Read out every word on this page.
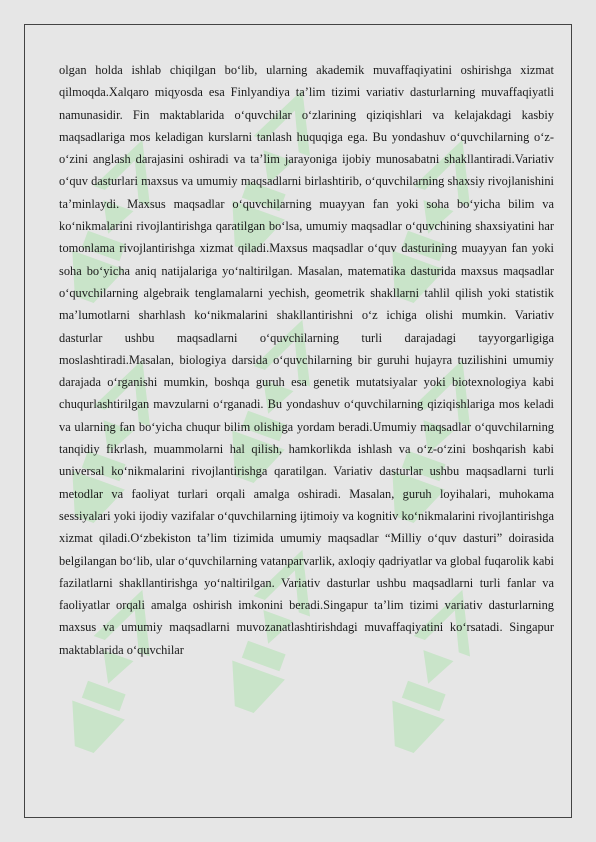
olgan holda ishlab chiqilgan bo‘lib, ularning akademik muvaffaqiyatini oshirishga xizmat qilmoqda.Xalqaro miqyosda esa Finlyandiya ta’lim tizimi variativ dasturlarning muvaffaqiyatli namunasidir. Fin maktablarida o‘quvchilar o‘zlarining qiziqishlari va kelajakdagi kasbiy maqsadlariga mos keladigan kurslarni tanlash huquqiga ega. Bu yondashuv o‘quvchilarning o‘z-o‘zini anglash darajasini oshiradi va ta’lim jarayoniga ijobiy munosabatni shakllantiradi.Variativ o‘quv dasturlari maxsus va umumiy maqsadlarni birlashtirib, o‘quvchilarning shaxsiy rivojlanishini ta’minlaydi. Maxsus maqsadlar o‘quvchilarning muayyan fan yoki soha bo‘yicha bilim va ko‘nikmalarini rivojlantirishga qaratilgan bo‘lsa, umumiy maqsadlar o‘quvchining shaxsiyatini har tomonlama rivojlantirishga xizmat qiladi.Maxsus maqsadlar o‘quv dasturining muayyan fan yoki soha bo‘yicha aniq natijalariga yo‘naltirilgan. Masalan, matematika dasturida maxsus maqsadlar o‘quvchilarning algebraik tenglamalarni yechish, geometrik shakllarni tahlil qilish yoki statistik ma’lumotlarni sharhlash ko‘nikmalarini shakllantirishni o‘z ichiga olishi mumkin. Variativ dasturlar ushbu maqsadlarni o‘quvchilarning turli darajadagi tayyorgarligiga moslashtiradi.Masalan, biologiya darsida o‘quvchilarning bir guruhi hujayra tuzilishini umumiy darajada o‘rganishi mumkin, boshqa guruh esa genetik mutatsiyalar yoki biotexnologiya kabi chuqurlashtirilgan mavzularni o‘rganadi. Bu yondashuv o‘quvchilarning qiziqishlariga mos keladi va ularning fan bo‘yicha chuqur bilim olishiga yordam beradi.Umumiy maqsadlar o‘quvchilarning tanqidiy fikrlash, muammolarni hal qilish, hamkorlikda ishlash va o‘z-o‘zini boshqarish kabi universal ko‘nikmalarini rivojlantirishga qaratilgan. Variativ dasturlar ushbu maqsadlarni turli metodlar va faoliyat turlari orqali amalga oshiradi. Masalan, guruh loyihalari, muhokama sessiyalari yoki ijodiy vazifalar o‘quvchilarning ijtimoiy va kognitiv ko‘nikmalarini rivojlantirishga xizmat qiladi.O‘zbekiston ta’lim tizimida umumiy maqsadlar “Milliy o‘quv dasturi” doirasida belgilangan bo‘lib, ular o‘quvchilarning vatanparvarlik, axloqiy qadriyatlar va global fuqarolik kabi fazilatlarni shakllantirishga yo‘naltirilgan. Variativ dasturlar ushbu maqsadlarni turli fanlar va faoliyatlar orqali amalga oshirish imkonini beradi.Singapur ta’lim tizimi variativ dasturlarning maxsus va umumiy maqsadlarni muvozanatlashtirishdagi muvaffaqiyatini ko‘rsatadi. Singapur maktablarida o‘quvchilar
